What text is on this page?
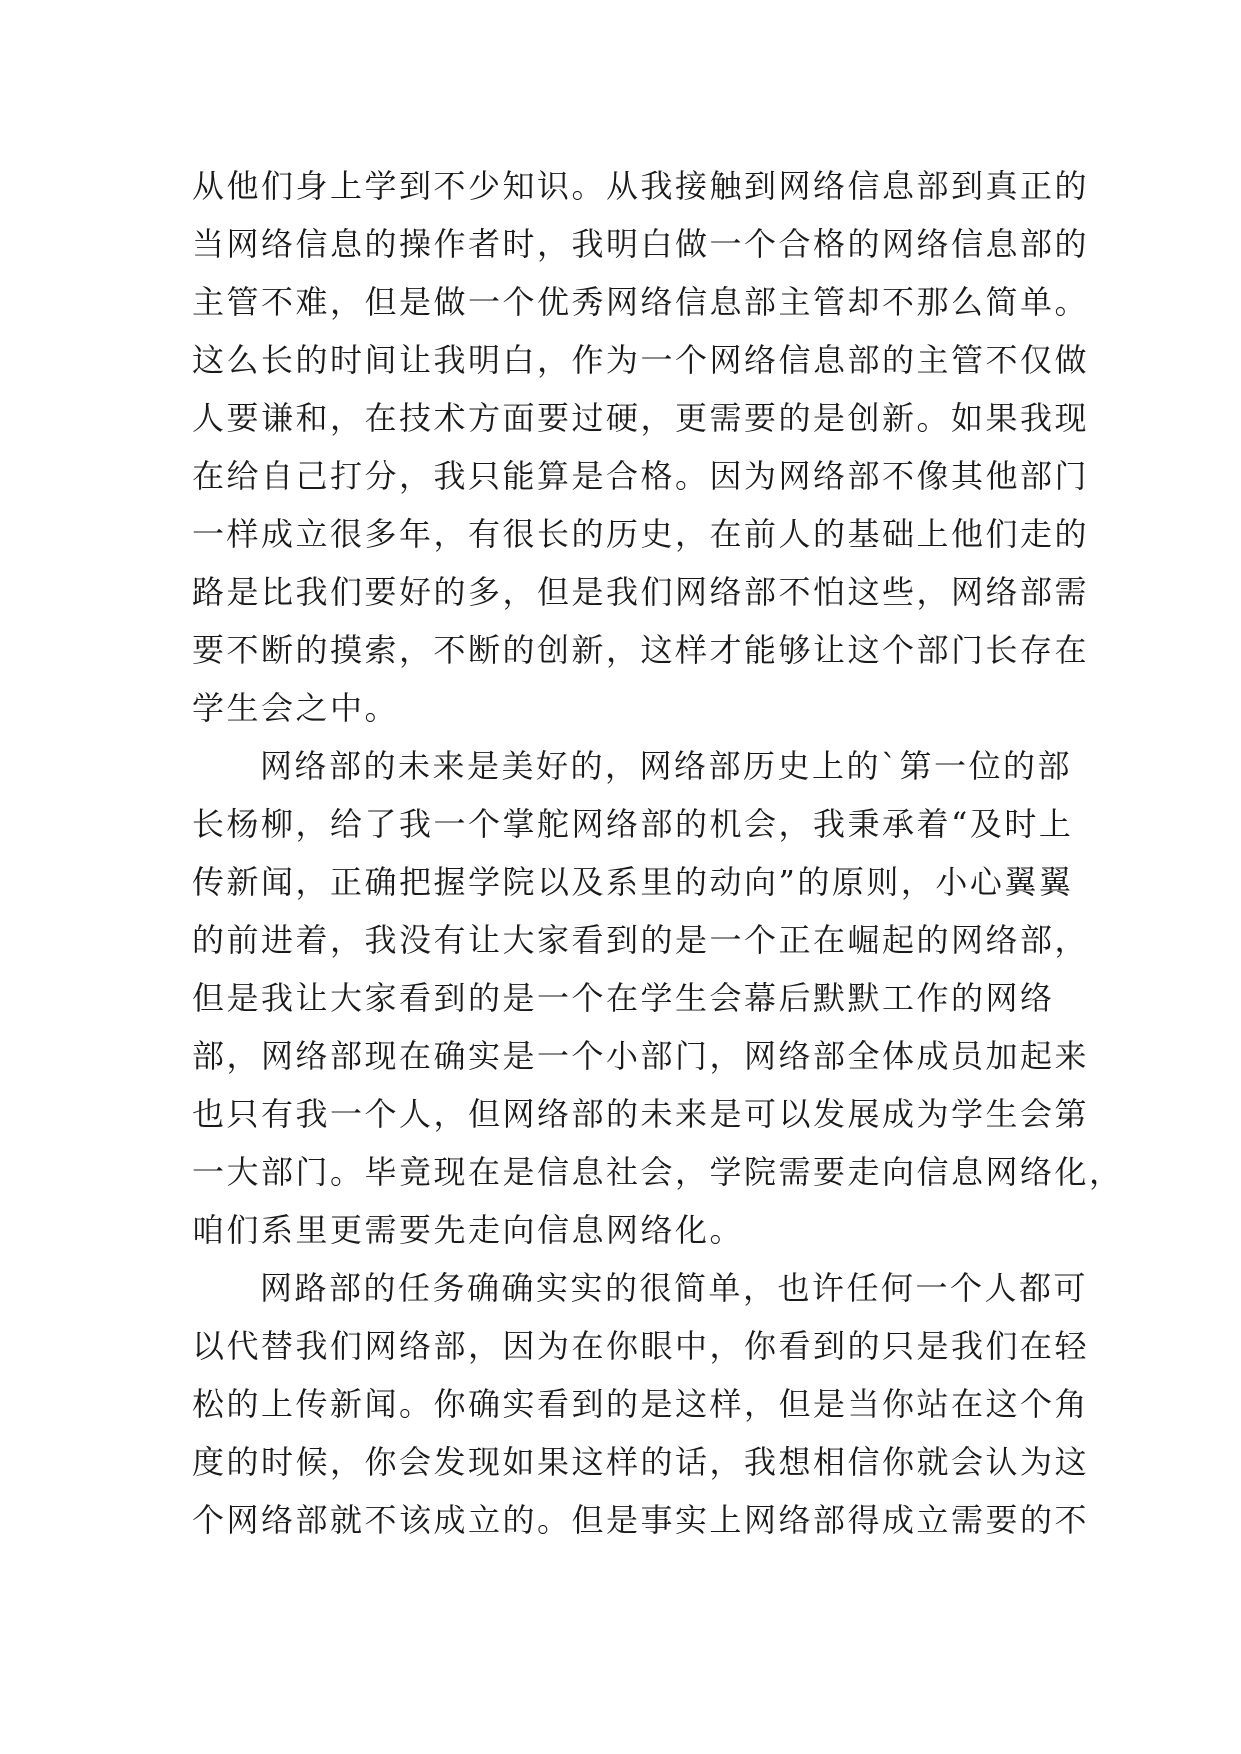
从他们身上学到不少知识。从我接触到网络信息部到真正的
当网络信息的操作者时，我明白做一个合格的网络信息部的
主管不难，但是做一个优秀网络信息部主管却不那么简单。
这么长的时间让我明白，作为一个网络信息部的主管不仅做
人要谦和，在技术方面要过硬，更需要的是创新。如果我现
在给自己打分，我只能算是合格。因为网络部不像其他部门
一样成立很多年，有很长的历史，在前人的基础上他们走的
路是比我们要好的多，但是我们网络部不怕这些，网络部需
要不断的摸索，不断的创新，这样才能够让这个部门长存在
学生会之中。
网络部的未来是美好的，网络部历史上的`第一位的部
长杨柳，给了我一个掌舵网络部的机会，我秉承着“及时上
传新闻，正确把握学院以及系里的动向”的原则，小心翼翼
的前进着，我没有让大家看到的是一个正在崛起的网络部，
但是我让大家看到的是一个在学生会幕后默默工作的网络
部，网络部现在确实是一个小部门，网络部全体成员加起来
也只有我一个人，但网络部的未来是可以发展成为学生会第
一大部门。毕竟现在是信息社会，学院需要走向信息网络化，
咱们系里更需要先走向信息网络化。
网路部的任务确确实实的很简单，也许任何一个人都可
以代替我们网络部，因为在你眼中，你看到的只是我们在轻
松的上传新闻。你确实看到的是这样，但是当你站在这个角
度的时候，你会发现如果这样的话，我想相信你就会认为这
个网络部就不该成立的。但是事实上网络部得成立需要的不
